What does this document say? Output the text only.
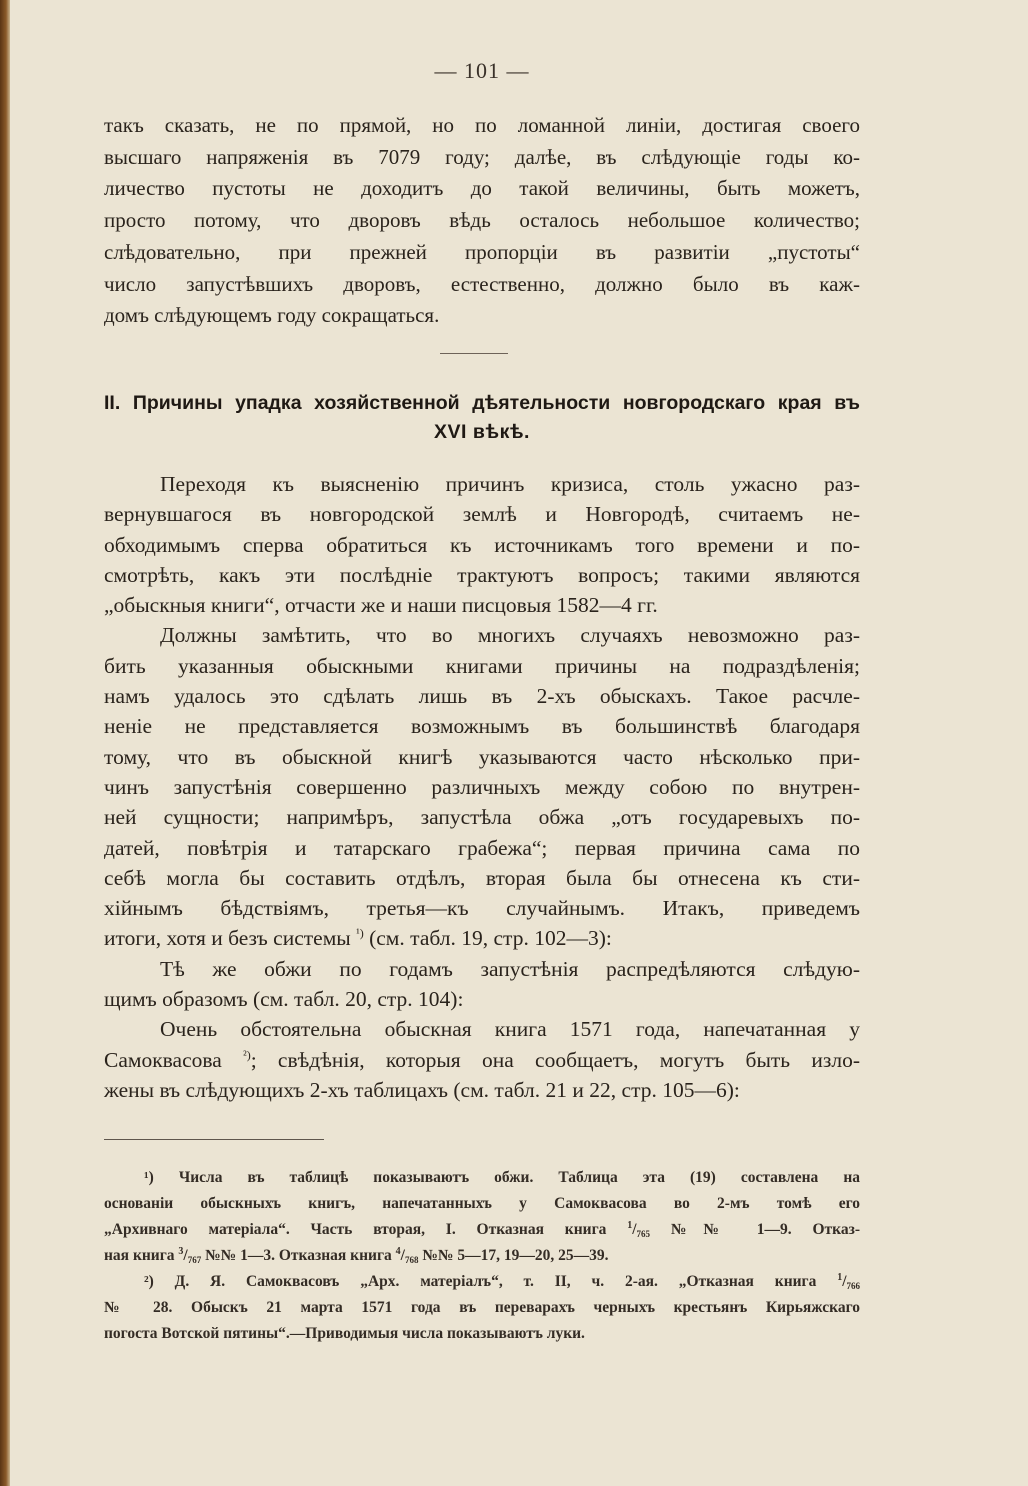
— 101 —
такъ сказать, не по прямой, но по ломанной линіи, достигая своего
высшаго напряженія въ 7079 году; далѣе, въ слѣдующіе годы ко-
личество пустоты не доходитъ до такой величины, быть можетъ,
просто потому, что дворовъ вѣдь осталось небольшое количество;
слѣдовательно, при прежней пропорціи въ развитіи „пустоты“
число запустѣвшихъ дворовъ, естественно, должно было въ каж-
домъ слѣдующемъ году сокращаться.
II. Причины упадка хозяйственной дѣятельности новгородскаго края въ
XVI вѣкѣ.
Переходя къ выясненію причинъ кризиса, столь ужасно раз-
вернувшагося въ новгородской землѣ и Новгородѣ, считаемъ не-
обходимымъ сперва обратиться къ источникамъ того времени и по-
смотрѣть, какъ эти послѣдніе трактуютъ вопросъ; такими являются
„обыскныя книги“, отчасти же и наши писцовыя 1582—4 гг.
Должны замѣтить, что во многихъ случаяхъ невозможно раз-
бить указанныя обыскными книгами причины на подраздѣленія;
намъ удалось это сдѣлать лишь въ 2-хъ обыскахъ. Такое расчле-
неніе не представляется возможнымъ въ большинствѣ благодаря
тому, что въ обыскной книгѣ указываются часто нѣсколько при-
чинъ запустѣнія совершенно различныхъ между собою по внутрен-
ней сущности; напримѣръ, запустѣла обжа „отъ государевыхъ по-
датей, повѣтрія и татарскаго грабежа“; первая причина сама по
себѣ могла бы составить отдѣлъ, вторая была бы отнесена къ сти-
хійнымъ бѣдствіямъ, третья—къ случайнымъ. Итакъ, приведемъ
итоги, хотя и безъ системы $^{^1)}$ (см. табл. 19, стр. 102—3):
Тѣ же обжи по годамъ запустѣнія распредѣляются слѣдую-
щимъ образомъ (см. табл. 20, стр. 104):
Очень обстоятельна обыскная книга 1571 года, напечатанная у
Самоквасова $^{^2)}$; свѣдѣнія, которыя она сообщаетъ, могутъ быть изло-
жены въ слѣдующихъ 2-хъ таблицахъ (см. табл. 21 и 22, стр. 105—6):
¹) Числа въ таблицѣ показываютъ обжи. Таблица эта (19) составлена на
основаніи обыскныхъ книгъ, напечатанныхъ у Самоквасова во 2-мъ томѣ его
„Архивнаго матеріала“. Часть вторая, I. Отказная книга $^1/_{765}$ №№ 1—9. Отказ-
ная книга $^3/_{767}$ №№ 1—3. Отказная книга $^4/_{768}$ №№ 5—17, 19—20, 25—39.
²) Д. Я. Самоквасовъ „Арх. матеріалъ“, т. II, ч. 2-ая. „Отказная книга $^1/_{766}$
№ 28. Обыскъ 21 марта 1571 года въ переварахъ черныхъ крестьянъ Кирьяжскаго
погоста Вотской пятины“.—Приводимыя числа показываютъ луки.
